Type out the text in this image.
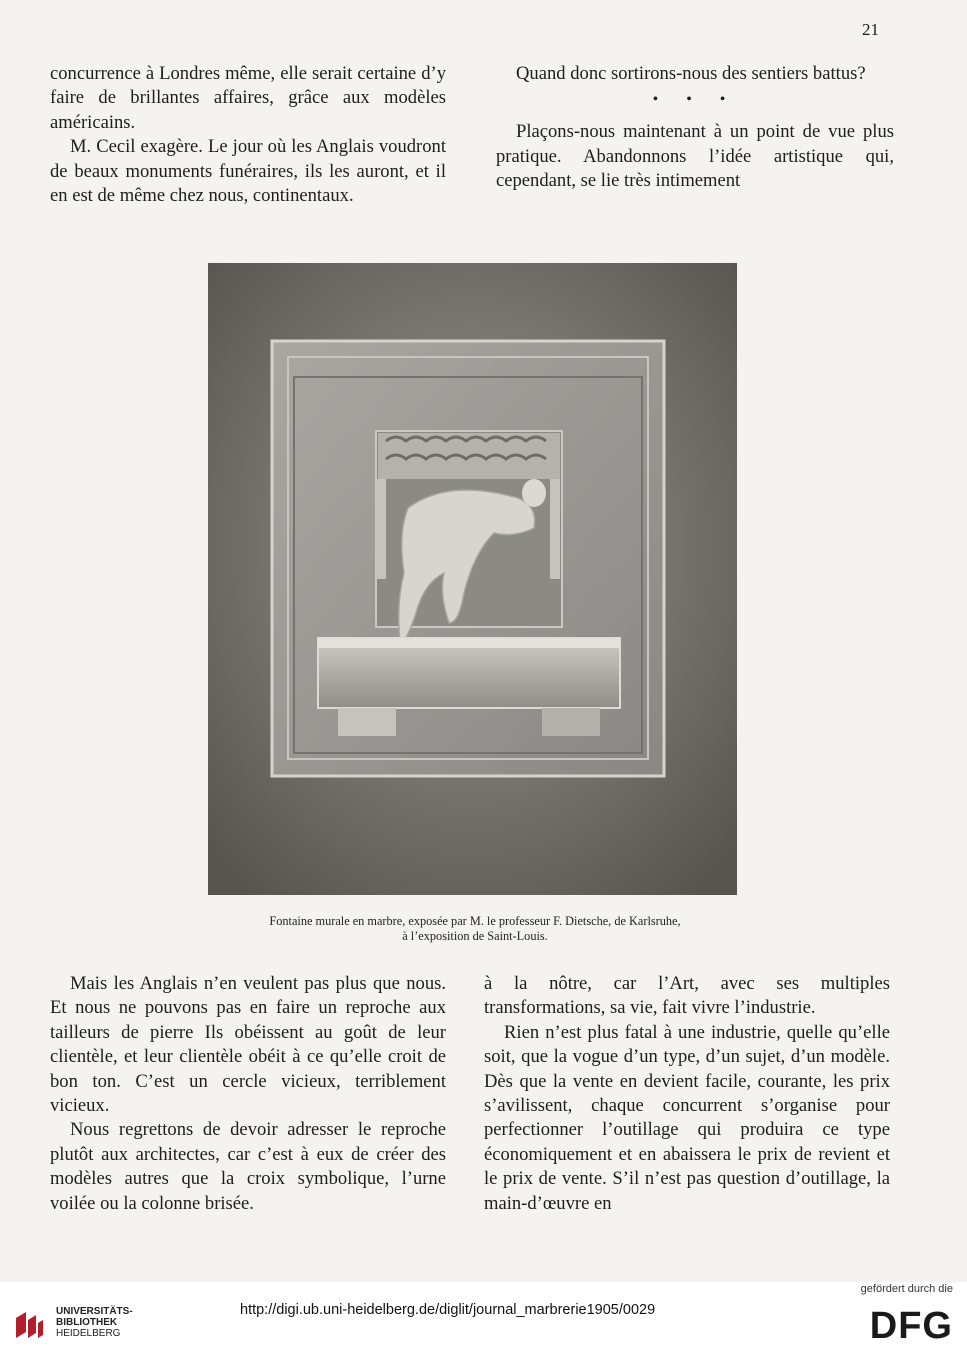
21

concurrence à Londres même, elle serait certaine d’y faire de brillantes affaires, grâce aux modèles américains.

M. Cecil exagère. Le jour où les Anglais voudront de beaux monuments funéraires, ils les auront, et il en est de même chez nous, continentaux.

Quand donc sortirons-nous des sentiers battus?

• • •

Plaçons-nous maintenant à un point de vue plus pratique. Abandonnons l’idée artistique qui, cependant, se lie très intimement

Fontaine murale en marbre, exposée par M. le professeur F. Dietsche, de Karlsruhe,
à l’exposition de Saint-Louis.

Mais les Anglais n’en veulent pas plus que nous. Et nous ne pouvons pas en faire un reproche aux tailleurs de pierre Ils obéissent au goût de leur clientèle, et leur clientèle obéit à ce qu’elle croit de bon ton. C’est un cercle vicieux, terriblement vicieux.

Nous regrettons de devoir adresser le reproche plutôt aux architectes, car c’est à eux de créer des modèles autres que la croix symbolique, l’urne voilée ou la colonne brisée.

à la nôtre, car l’Art, avec ses multiples transformations, sa vie, fait vivre l’industrie.

Rien n’est plus fatal à une industrie, quelle qu’elle soit, que la vogue d’un type, d’un sujet, d’un modèle. Dès que la vente en devient facile, courante, les prix s’avilissent, chaque concurrent s’organise pour perfectionner l’outillage qui produira ce type économiquement et en abaissera le prix de revient et le prix de vente. S’il n’est pas question d’outillage, la main-d’œuvre en

UNIVERSITÄTS-
BIBLIOTHEK
HEIDELBERG
http://digi.ub.uni-heidelberg.de/diglit/journal_marbrerie1905/0029
gefördert durch die
DFG
